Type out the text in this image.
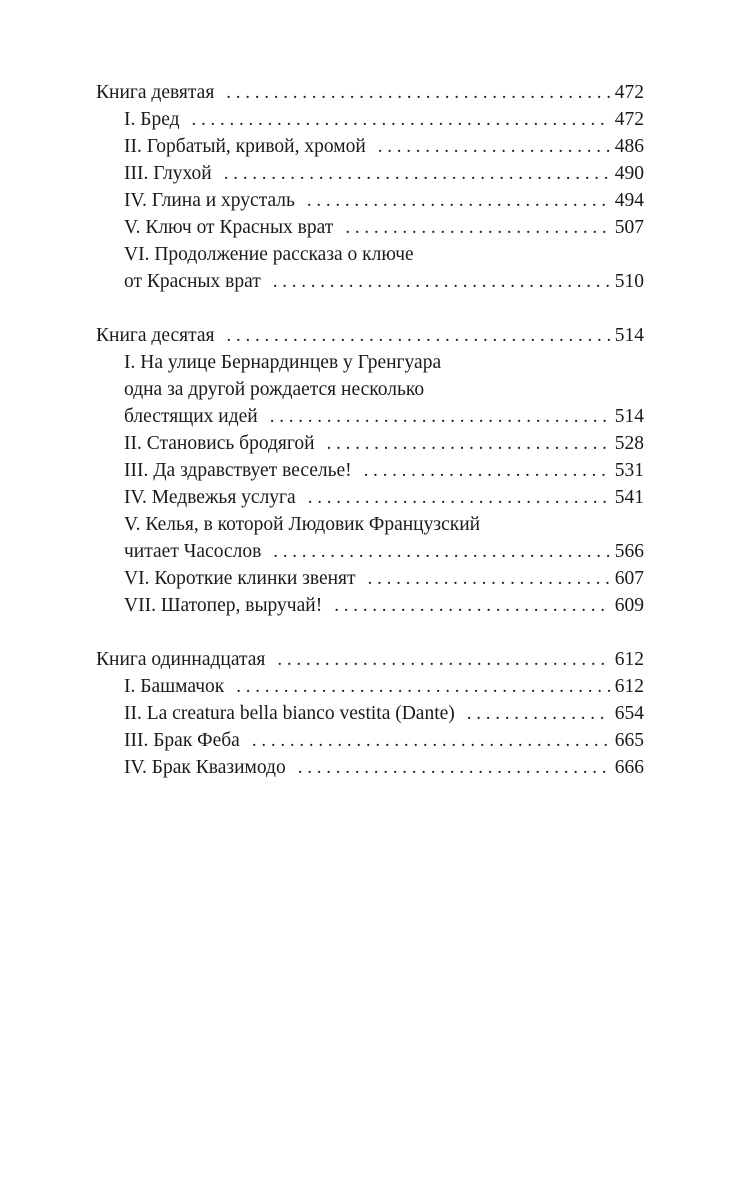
Книга девятая . . .	472
I. Бред . . .	472
II. Горбатый, кривой, хромой . . .	486
III. Глухой . . .	490
IV. Глина и хрусталь . . .	494
V. Ключ от Красных врат . . .	507
VI. Продолжение рассказа о ключе
от Красных врат . . .	510
Книга десятая . . .	514
I. На улице Бернардинцев у Гренгуара
одна за другой рождается несколько
блестящих идей . . .	514
II. Становись бродягой . . .	528
III. Да здравствует веселье! . . .	531
IV. Медвежья услуга . . .	541
V. Келья, в которой Людовик Французский
читает Часослов . . .	566
VI. Короткие клинки звенят . . .	607
VII. Шатопер, выручай! . . .	609
Книга одиннадцатая . . .	612
I. Башмачок . . .	612
II. La creatura bella bianco vestita (Dante) . . .	654
III. Брак Феба . . .	665
IV. Брак Квазимодо . . .	666
